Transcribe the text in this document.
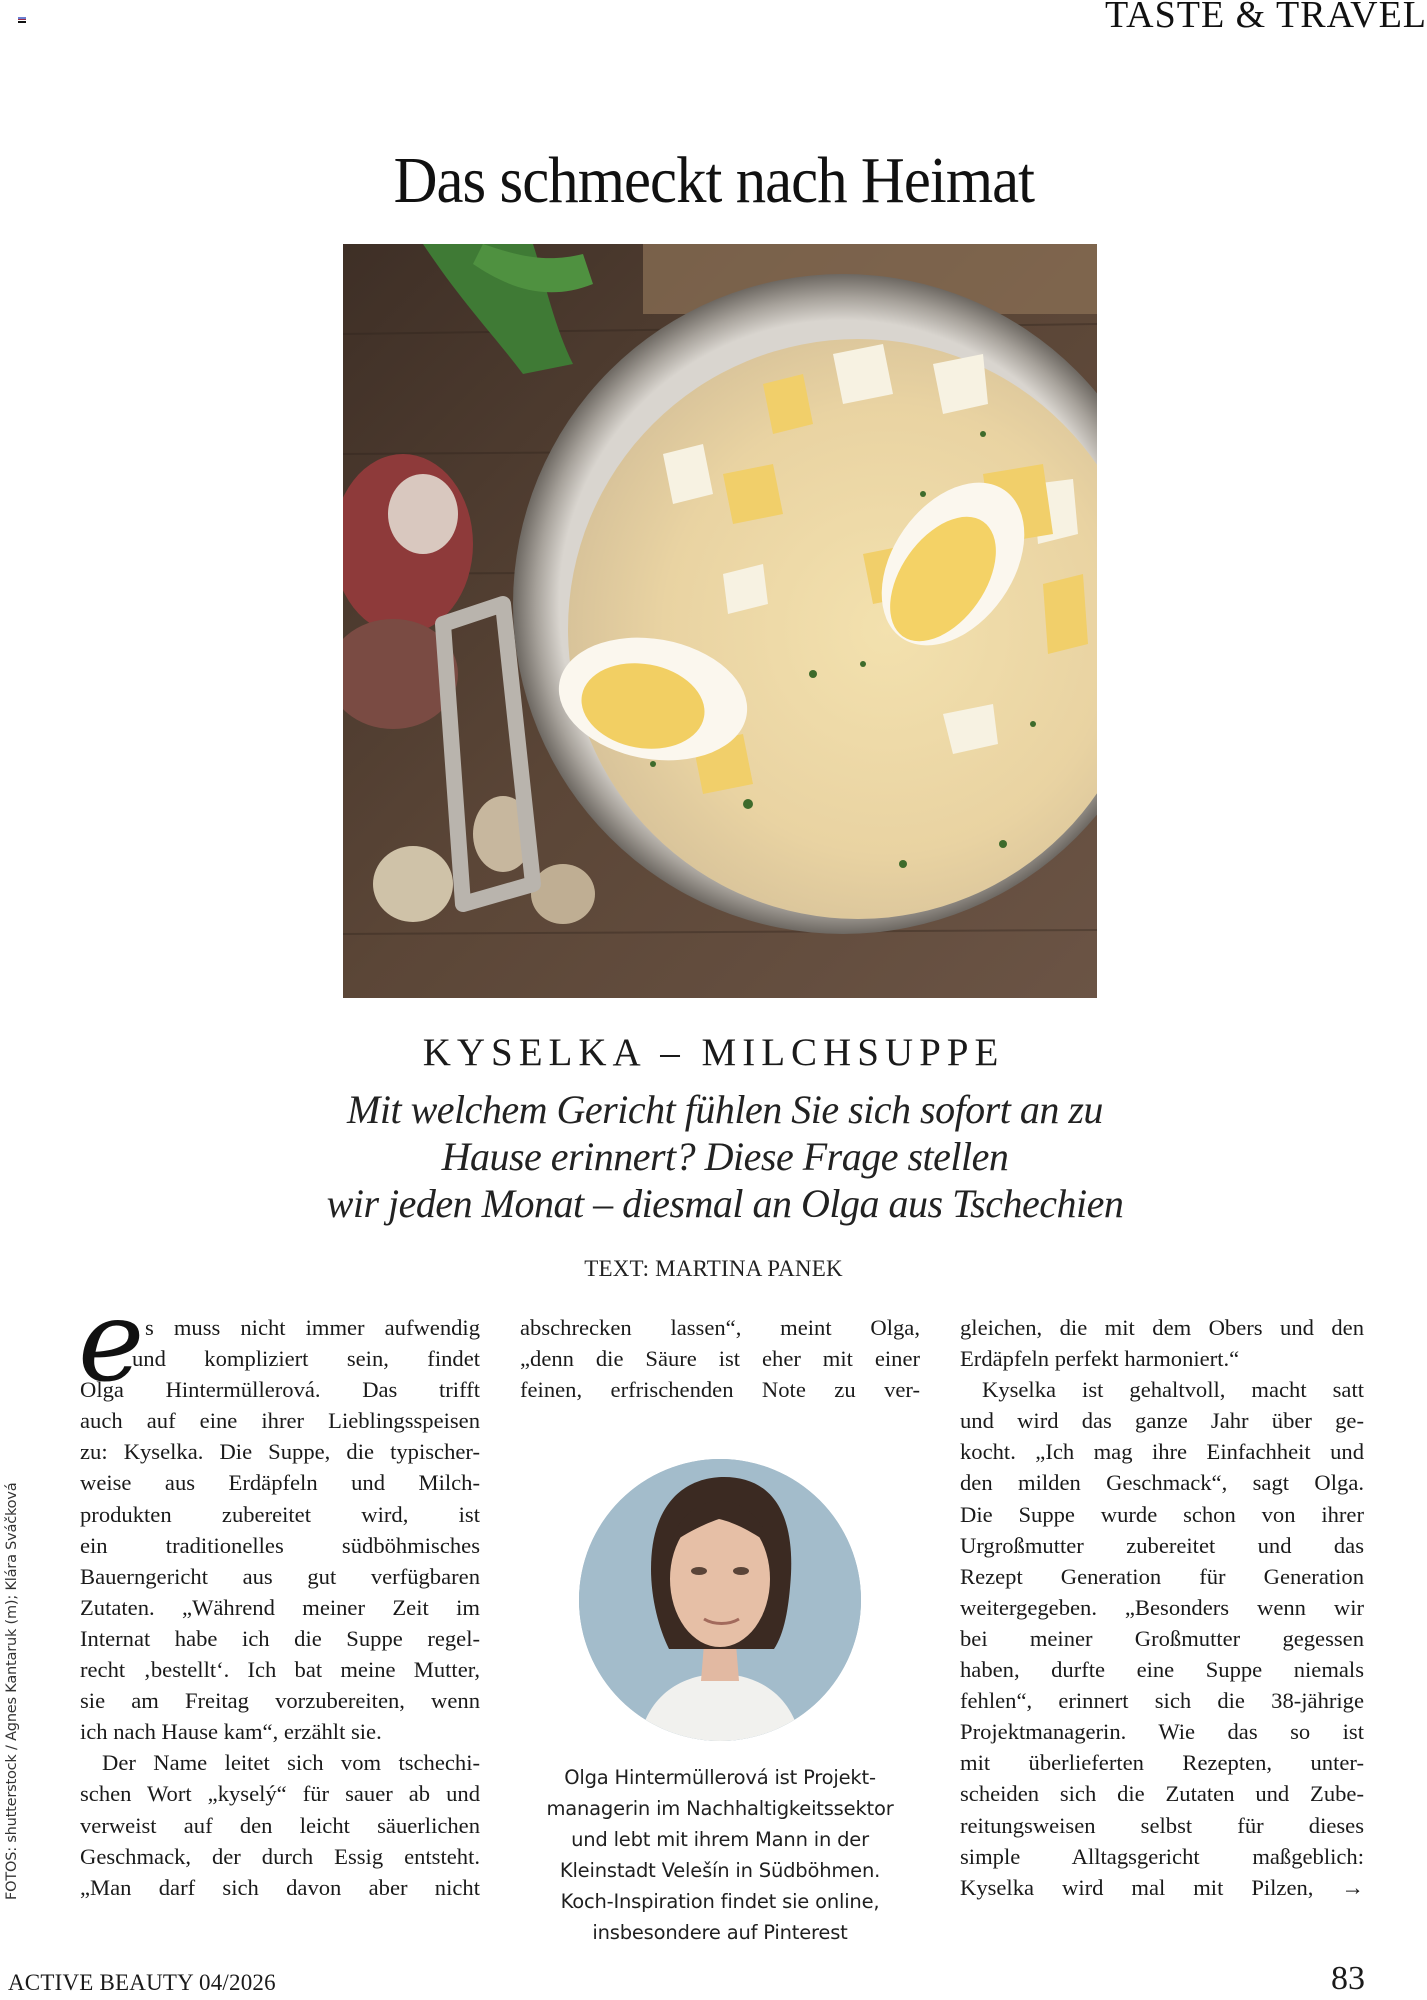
TASTE & TRAVEL
Das schmeckt nach Heimat
KYSELKA – MILCHSUPPE
Mit welchem Gericht fühlen Sie sich sofort an zu
Hause erinnert? Diese Frage stellen
wir jeden Monat – diesmal an Olga aus Tschechien
TEXT: MARTINA PANEK
e s muss nicht immer aufwendig
und kompliziert sein, findet
Olga Hintermüllerová. Das trifft
auch auf eine ihrer Lieblingsspeisen
zu: Kyselka. Die Suppe, die typischer-
weise aus Erdäpfeln und Milch-
produkten zubereitet wird, ist
ein traditionelles südböhmisches
Bauerngericht aus gut verfügbaren
Zutaten. „Während meiner Zeit im
Internat habe ich die Suppe regel-
recht ‚bestellt‘. Ich bat meine Mutter,
sie am Freitag vorzubereiten, wenn
ich nach Hause kam“, erzählt sie.
Der Name leitet sich vom tschechi-
schen Wort „kyselý“ für sauer ab und
verweist auf den leicht säuerlichen
Geschmack, der durch Essig entsteht.
„Man darf sich davon aber nicht
abschrecken lassen“, meint Olga,
„denn die Säure ist eher mit einer
feinen, erfrischenden Note zu ver-
Olga Hintermüllerová ist Projekt-
managerin im Nachhaltigkeitssektor
und lebt mit ihrem Mann in der
Kleinstadt Velešín in Südböhmen.
Koch-Inspiration findet sie online,
insbesondere auf Pinterest
gleichen, die mit dem Obers und den
Erdäpfeln perfekt harmoniert.“
Kyselka ist gehaltvoll, macht satt
und wird das ganze Jahr über ge-
kocht. „Ich mag ihre Einfachheit und
den milden Geschmack“, sagt Olga.
Die Suppe wurde schon von ihrer
Urgroßmutter zubereitet und das
Rezept Generation für Generation
weitergegeben. „Besonders wenn wir
bei meiner Großmutter gegessen
haben, durfte eine Suppe niemals
fehlen“, erinnert sich die 38-jährige
Projektmanagerin. Wie das so ist
mit überlieferten Rezepten, unter-
scheiden sich die Zutaten und Zube-
reitungsweisen selbst für dieses
simple Alltagsgericht maßgeblich:
Kyselka wird mal mit Pilzen, →
FOTOS: shutterstock / Agnes Kantaruk (m); Klára Sváčková
ACTIVE BEAUTY 04/2026	83
